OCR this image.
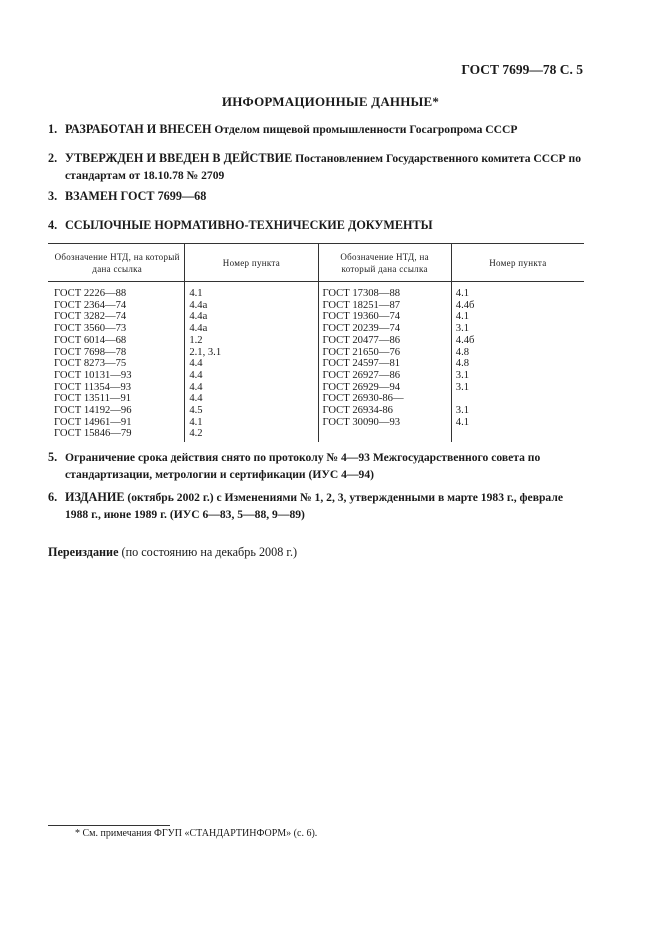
ГОСТ 7699—78 С. 5
ИНФОРМАЦИОННЫЕ ДАННЫЕ*
1. РАЗРАБОТАН И ВНЕСЕН Отделом пищевой промышленности Госагропрома СССР
2. УТВЕРЖДЕН И ВВЕДЕН В ДЕЙСТВИЕ Постановлением Государственного комитета СССР по стандартам от 18.10.78 № 2709
3. ВЗАМЕН ГОСТ 7699—68
4. ССЫЛОЧНЫЕ НОРМАТИВНО-ТЕХНИЧЕСКИЕ ДОКУМЕНТЫ
Обозначение НТД, на который дана ссылка	Номер пункта	Обозначение НТД, на который дана ссылка	Номер пункта
ГОСТ 2226—88	4.1	ГОСТ 17308—88	4.1
ГОСТ 2364—74	4.4а	ГОСТ 18251—87	4.4б
ГОСТ 3282—74	4.4а	ГОСТ 19360—74	4.1
ГОСТ 3560—73	4.4а	ГОСТ 20239—74	3.1
ГОСТ 6014—68	1.2	ГОСТ 20477—86	4.4б
ГОСТ 7698—78	2.1, 3.1	ГОСТ 21650—76	4.8
ГОСТ 8273—75	4.4	ГОСТ 24597—81	4.8
ГОСТ 10131—93	4.4	ГОСТ 26927—86	3.1
ГОСТ 11354—93	4.4	ГОСТ 26929—94	3.1
ГОСТ 13511—91	4.4	ГОСТ 26930-86—	
ГОСТ 14192—96	4.5	ГОСТ 26934-86	3.1
ГОСТ 14961—91	4.1	ГОСТ 30090—93	4.1
ГОСТ 15846—79	4.2		
5. Ограничение срока действия снято по протоколу № 4—93 Межгосударственного совета по стандартизации, метрологии и сертификации (ИУС 4—94)
6. ИЗДАНИЕ (октябрь 2002 г.) с Изменениями № 1, 2, 3, утвержденными в марте 1983 г., феврале 1988 г., июне 1989 г. (ИУС 6—83, 5—88, 9—89)
Переиздание (по состоянию на декабрь 2008 г.)
* См. примечания ФГУП «СТАНДАРТИНФОРМ» (с. 6).
